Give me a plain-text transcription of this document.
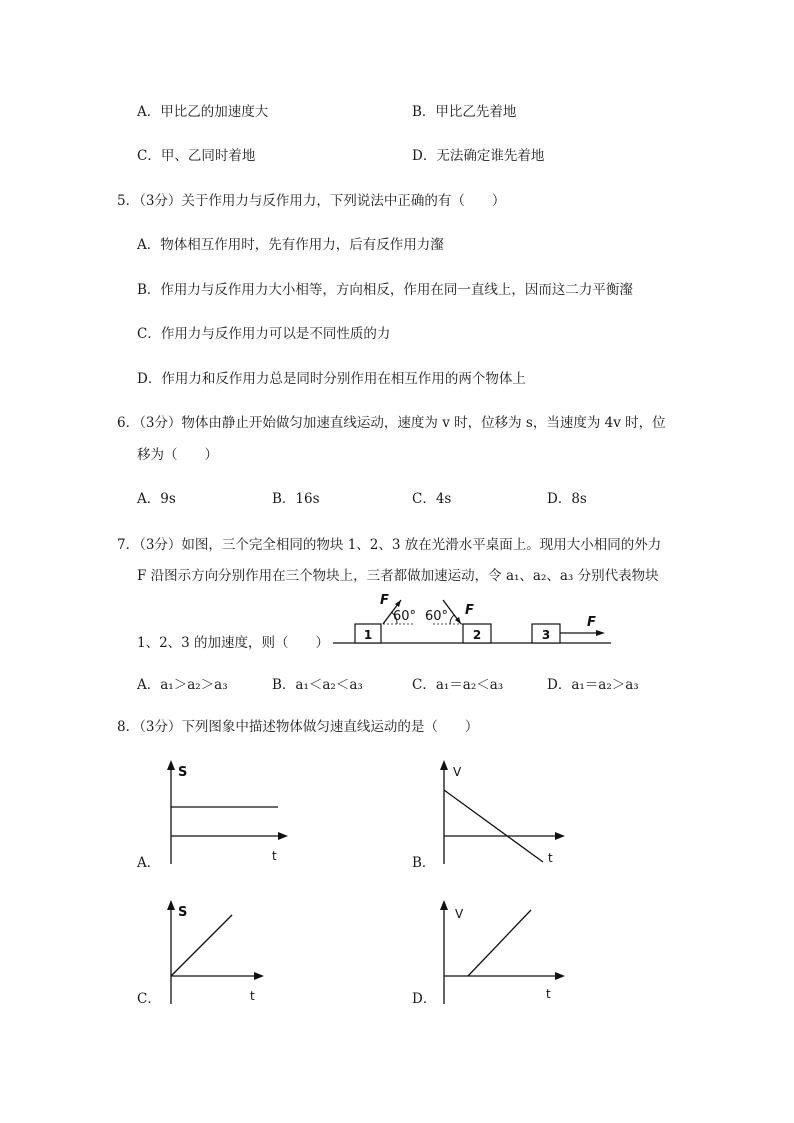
A．甲比乙的加速度大	B．甲比乙先着地
C．甲、乙同时着地	D．无法确定谁先着地
5．（3分）关于作用力与反作用力，下列说法中正确的有（　　）
A．物体相互作用时，先有作用力，后有反作用力瀣
B．作用力与反作用力大小相等，方向相反，作用在同一直线上，因而这二力平衡瀣
C．作用力与反作用力可以是不同性质的力
D．作用力和反作用力总是同时分别作用在相互作用的两个物体上
6．（3分）物体由静止开始做匀加速直线运动，速度为 v 时，位移为 s，当速度为 4v 时，位
移为（　　）
A．9s	B．16s	C．4s	D．8s
7．（3分）如图，三个完全相同的物块 1、2、3 放在光滑水平桌面上。现用大小相同的外力
F 沿图示方向分别作用在三个物块上，三者都做加速运动，令 a₁、a₂、a₃ 分别代表物块
1、2、3 的加速度，则（　　）	1
F
60°
2
F
60°
3
F
A．a₁＞a₂＞a₃	B．a₁＜a₂＜a₃	C．a₁＝a₂＜a₃	D．a₁＝a₂＞a₃
8．（3分）下列图象中描述物体做匀速直线运动的是（　　）
S
t
A．
V
t
B．
S
t
C．
V
t
D．
